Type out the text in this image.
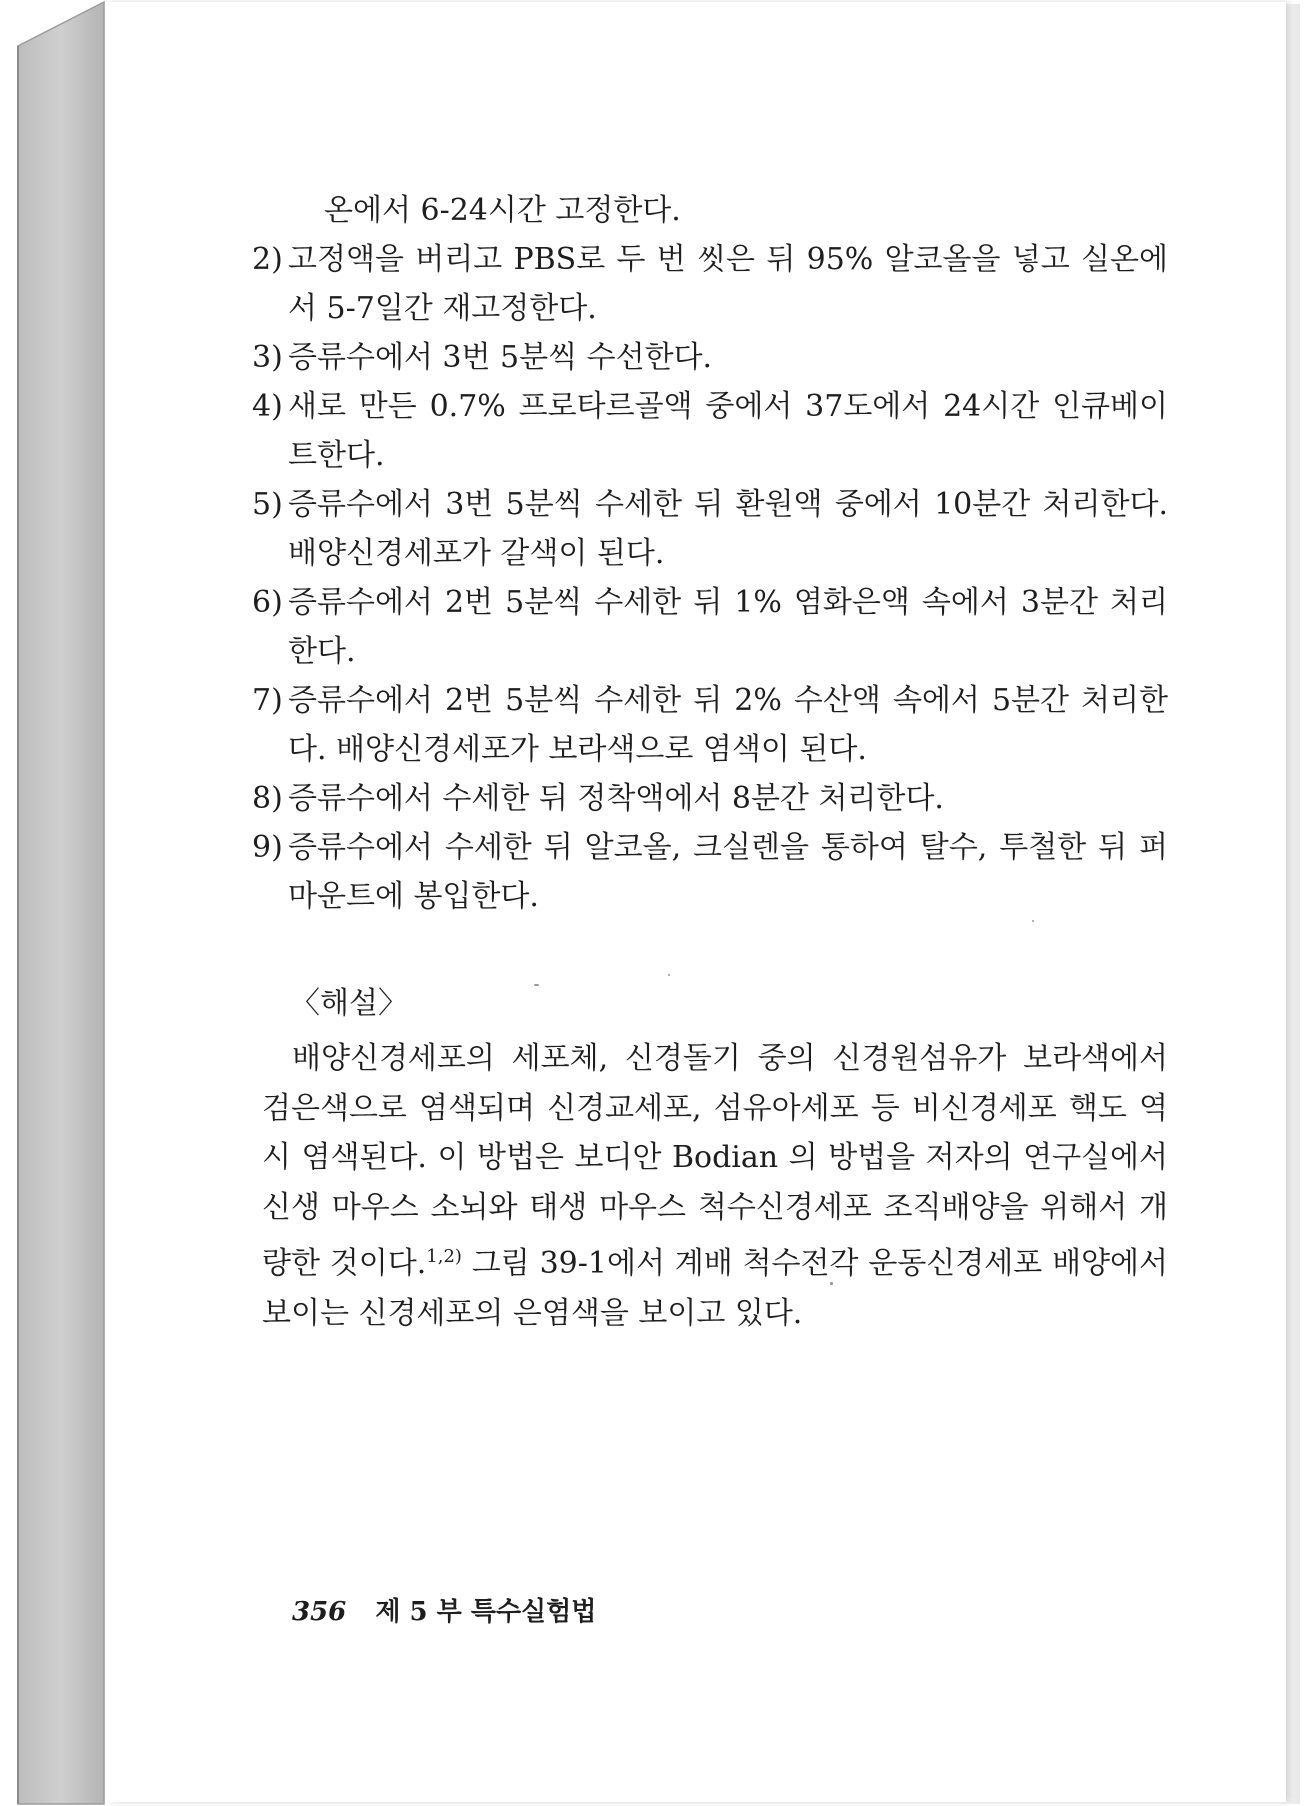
온에서 6-24시간 고정한다.

2) 고정액을 버리고 PBS로 두 번 씻은 뒤 95% 알코올을 넣고 실온에서 5-7일간 재고정한다.

3) 증류수에서 3번 5분씩 수선한다.

4) 새로 만든 0.7% 프로타르골액 중에서 37도에서 24시간 인큐베이트한다.

5) 증류수에서 3번 5분씩 수세한 뒤 환원액 중에서 10분간 처리한다. 배양신경세포가 갈색이 된다.

6) 증류수에서 2번 5분씩 수세한 뒤 1% 염화은액 속에서 3분간 처리한다.

7) 증류수에서 2번 5분씩 수세한 뒤 2% 수산액 속에서 5분간 처리한다. 배양신경세포가 보라색으로 염색이 된다.

8) 증류수에서 수세한 뒤 정착액에서 8분간 처리한다.

9) 증류수에서 수세한 뒤 알코올, 크실렌을 통하여 탈수, 투철한 뒤 퍼마운트에 봉입한다.

〈해설〉

배양신경세포의 세포체, 신경돌기 중의 신경원섬유가 보라색에서 검은색으로 염색되며 신경교세포, 섬유아세포 등 비신경세포 핵도 역시 염색된다. 이 방법은 보디안 Bodian 의 방법을 저자의 연구실에서 신생 마우스 소뇌와 태생 마우스 척수신경세포 조직배양을 위해서 개량한 것이다.$^{1,2)}$ 그림 39-1에서 계배 척수전각 운동신경세포 배양에서 보이는 신경세포의 은염색을 보이고 있다.

356 제 5 부 특수실험법
